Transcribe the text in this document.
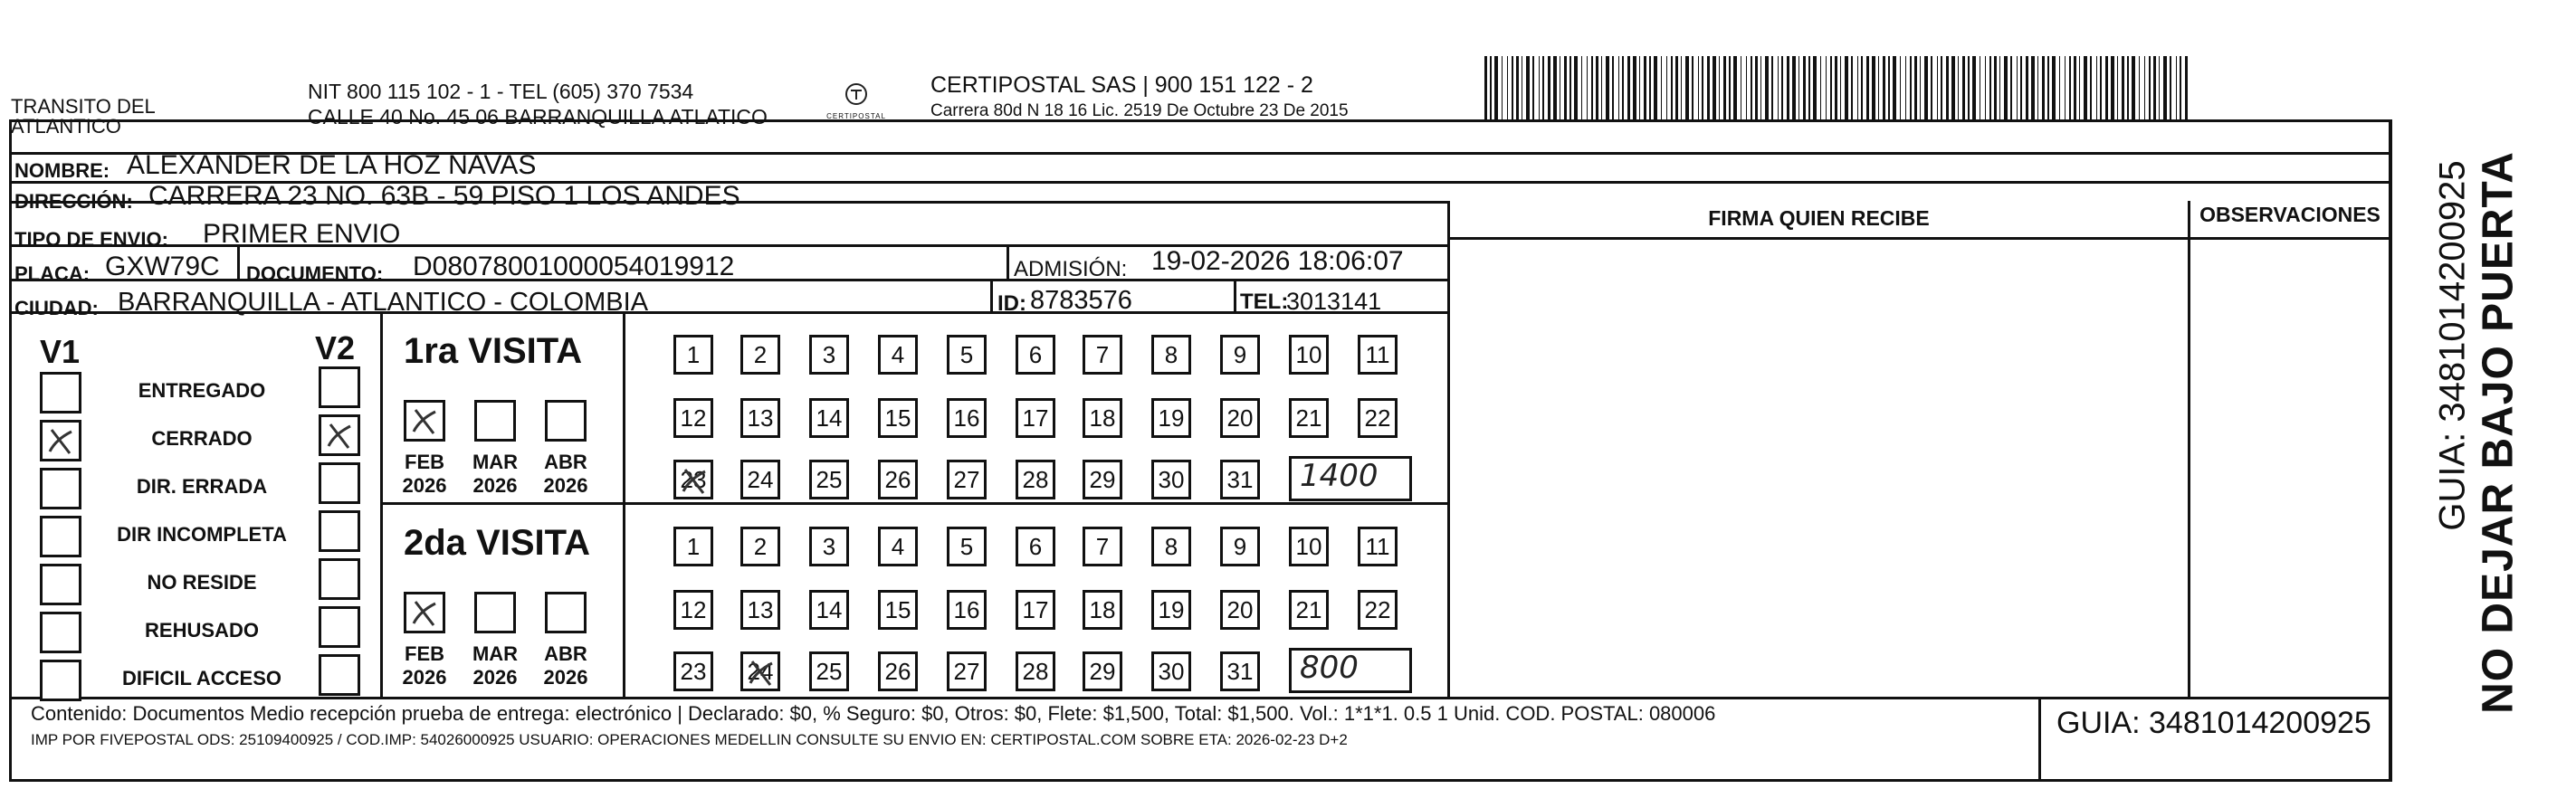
TRANSITO DEL
ATLANTICO
NIT 800 115 102 - 1 - TEL (605) 370 7534
CALLE 40 No. 45 06 BARRANQUILLA ATLATICO	CERTIPOSTAL
CERTIPOSTAL SAS | 900 151 122 - 2
Carrera 80d N 18 16 Lic. 2519 De Octubre 23 De 2015
NOMBRE: ALEXANDER DE LA HOZ NAVAS
DIRECCIÓN: CARRERA 23 NO. 63B - 59 PISO 1 LOS ANDES
TIPO DE ENVIO: PRIMER ENVIO
FIRMA QUIEN RECIBE	OBSERVACIONES
PLACA: GXW79C DOCUMENTO: D08078001000054019912	ADMISIÓN: 19-02-2026 18:06:07
CIUDAD: BARRANQUILLA - ATLANTICO - COLOMBIA	ID: 8783576	TEL:
3013141
V1	V2
Contenido: Documentos Medio recepción prueba de entrega: electrónico | Declarado: $0, % Seguro: $0, Otros: $0, Flete: $1,500, Total: $1,500. Vol.: 1*1*1. 0.5 1 Unid. COD. POSTAL: 080006
IMP POR FIVEPOSTAL ODS: 25109400925 / COD.IMP: 54026000925 USUARIO: OPERACIONES MEDELLIN CONSULTE SU ENVIO EN: CERTIPOSTAL.COM SOBRE ETA: 2026-02-23 D+2	GUIA: 3481014200925
NO DEJAR BAJO PUERTA
GUIA: 3481014200925
ENTREGADO
CERRADO
DIR. ERRADA
DIR INCOMPLETA
NO RESIDE
REHUSADO
DIFICIL ACCESO
1ra VISITA
FEB
2026
MAR
2026
ABR
2026
1	2	3	4	5	6	7	8	9	10	11
12 13 14 15 16 17 18 19 20 21 22
23 24 25 26 27 28 29 30 31 1400
2da VISITA
FEB
2026
MAR
2026
ABR
2026
1	2	3	4	5	6	7	8	9	10	11
12 13 14 15 16 17 18 19 20 21 22
23 24 25 26 27 28 29 30 31 800
